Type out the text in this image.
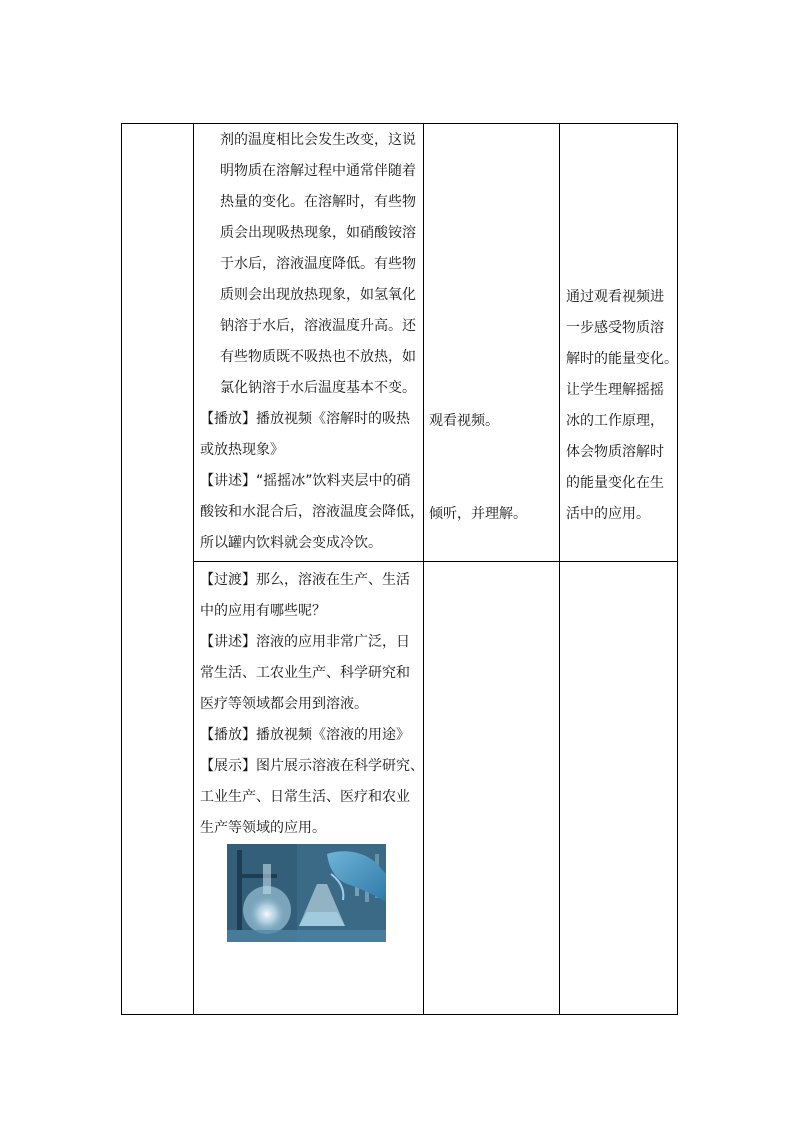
剂的温度相比会发生改变，这说
明物质在溶解过程中通常伴随着
热量的变化。在溶解时，有些物
质会出现吸热现象，如硝酸铵溶
于水后，溶液温度降低。有些物
质则会出现放热现象，如氢氧化
钠溶于水后，溶液温度升高。还
有些物质既不吸热也不放热，如
氯化钠溶于水后温度基本不变。
【播放】播放视频《溶解时的吸热
或放热现象》
【讲述】“摇摇冰”饮料夹层中的硝
酸铵和水混合后，溶液温度会降低，
所以罐内饮料就会变成冷饮。
观看视频。
倾听，并理解。
通过观看视频进
一步感受物质溶
解时的能量变化。
让学生理解摇摇
冰的工作原理，
体会物质溶解时
的能量变化在生
活中的应用。
【过渡】那么，溶液在生产、生活
中的应用有哪些呢？
【讲述】溶液的应用非常广泛，日
常生活、工农业生产、科学研究和
医疗等领域都会用到溶液。
【播放】播放视频《溶液的用途》
【展示】图片展示溶液在科学研究、
工业生产、日常生活、医疗和农业
生产等领域的应用。
